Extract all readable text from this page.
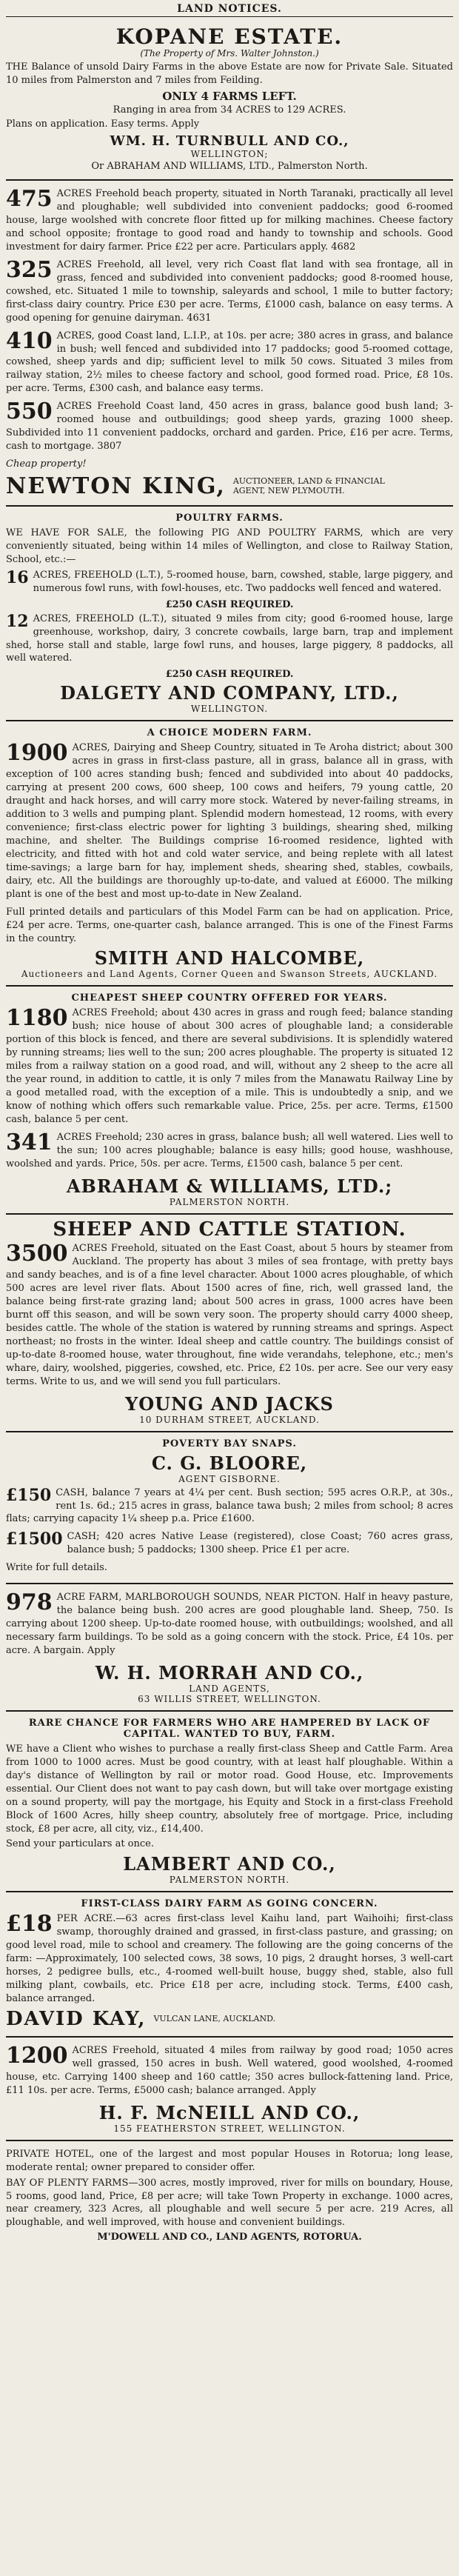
LAND NOTICES.
KOPANE ESTATE.
(The Property of Mrs. Walter Johnston.)
THE Balance of unsold Dairy Farms in the above Estate are now for Private Sale. Situated 10 miles from Palmerston and 7 miles from Feilding.
ONLY 4 FARMS LEFT.
Ranging in area from 34 ACRES to 129 ACRES.
Plans on application. Easy terms. Apply
WM. H. TURNBULL AND CO.,
WELLINGTON;
Or ABRAHAM AND WILLIAMS, LTD., Palmerston North.
475 ACRES Freehold beach property, situated in North Taranaki, practically all level and ploughable; well subdivided into convenient paddocks; good 6-roomed house, large woolshed with concrete floor fitted up for milking machines. Cheese factory and school opposite; frontage to good road and handy to township and schools. Good investment for dairy farmer. Price £22 per acre. Particulars apply. 4682
325 ACRES Freehold, all level, very rich Coast flat land with sea frontage, all in grass, fenced and subdivided into convenient paddocks; good 8-roomed house, cowshed, etc. Situated 1 mile to township, saleyards and school, 1 mile to butter factory; first-class dairy country. Price £30 per acre. Terms, £1000 cash, balance on easy terms. A good opening for genuine dairyman. 4631
410 ACRES, good Coast land, L.I.P., at 10s. per acre; 380 acres in grass, and balance in bush; well fenced and subdivided into 17 paddocks; good 5-roomed cottage, cowshed, sheep yards and dip; sufficient level to milk 50 cows. Situated 3 miles from railway station, 2½ miles to cheese factory and school, good formed road. Price, £8 10s. per acre. Terms, £300 cash, and balance easy terms.
550 ACRES Freehold Coast land, 450 acres in grass, balance good bush land; 3-roomed house and outbuildings; good sheep yards, grazing 1000 sheep. Subdivided into 11 convenient paddocks, orchard and garden. Price, £16 per acre. Terms, cash to mortgage. 3807
Cheap property!
NEWTON KING, AUCTIONEER, LAND & FINANCIAL
AGENT, NEW PLYMOUTH.
POULTRY FARMS.
WE HAVE FOR SALE, the following PIG AND POULTRY FARMS, which are very conveniently situated, being within 14 miles of Wellington, and close to Railway Station, School, etc.:—
16 ACRES, FREEHOLD (L.T.), 5-roomed house, barn, cowshed, stable, large piggery, and numerous fowl runs, with fowl-houses, etc. Two paddocks well fenced and watered.
£250 CASH REQUIRED.
12 ACRES, FREEHOLD (L.T.), situated 9 miles from city; good 6-roomed house, large greenhouse, workshop, dairy, 3 concrete cowbails, large barn, trap and implement shed, horse stall and stable, large fowl runs, and houses, large piggery, 8 paddocks, all well watered.
£250 CASH REQUIRED.
DALGETY AND COMPANY, LTD.,
WELLINGTON.
A CHOICE MODERN FARM.
1900 ACRES, Dairying and Sheep Country, situated in Te Aroha district; about 300 acres in grass in first-class pasture, all in grass, balance all in grass, with exception of 100 acres standing bush; fenced and subdivided into about 40 paddocks, carrying at present 200 cows, 600 sheep, 100 cows and heifers, 79 young cattle, 20 draught and hack horses, and will carry more stock. Watered by never-failing streams, in addition to 3 wells and pumping plant. Splendid modern homestead, 12 rooms, with every convenience; first-class electric power for lighting 3 buildings, shearing shed, milking machine, and shelter. The Buildings comprise 16-roomed residence, lighted with electricity, and fitted with hot and cold water service, and being replete with all latest time-savings; a large barn for hay, implement sheds, shearing shed, stables, cowbails, dairy, etc. All the buildings are thoroughly up-to-date, and valued at £6000. The milking plant is one of the best and most up-to-date in New Zealand.
Full printed details and particulars of this Model Farm can be had on application. Price, £24 per acre. Terms, one-quarter cash, balance arranged. This is one of the Finest Farms in the country.
SMITH AND HALCOMBE,
Auctioneers and Land Agents, Corner Queen and Swanson Streets, AUCKLAND.
CHEAPEST SHEEP COUNTRY OFFERED FOR YEARS.
1180 ACRES Freehold; about 430 acres in grass and rough feed; balance standing bush; nice house of about 300 acres of ploughable land; a considerable portion of this block is fenced, and there are several subdivisions. It is splendidly watered by running streams; lies well to the sun; 200 acres ploughable. The property is situated 12 miles from a railway station on a good road, and will, without any 2 sheep to the acre all the year round, in addition to cattle, it is only 7 miles from the Manawatu Railway Line by a good metalled road, with the exception of a mile. This is undoubtedly a snip, and we know of nothing which offers such remarkable value. Price, 25s. per acre. Terms, £1500 cash, balance 5 per cent.
341 ACRES Freehold; 230 acres in grass, balance bush; all well watered. Lies well to the sun; 100 acres ploughable; balance is easy hills; good house, washhouse, woolshed and yards. Price, 50s. per acre. Terms, £1500 cash, balance 5 per cent.
ABRAHAM & WILLIAMS, LTD.;
PALMERSTON NORTH.
SHEEP AND CATTLE STATION.
3500 ACRES Freehold, situated on the East Coast, about 5 hours by steamer from Auckland. The property has about 3 miles of sea frontage, with pretty bays and sandy beaches, and is of a fine level character. About 1000 acres ploughable, of which 500 acres are level river flats. About 1500 acres of fine, rich, well grassed land, the balance being first-rate grazing land; about 500 acres in grass, 1000 acres have been burnt off this season, and will be sown very soon. The property should carry 4000 sheep, besides cattle. The whole of the station is watered by running streams and springs. Aspect northeast; no frosts in the winter. Ideal sheep and cattle country. The buildings consist of up-to-date 8-roomed house, water throughout, fine wide verandahs, telephone, etc.; men's whare, dairy, woolshed, piggeries, cowshed, etc. Price, £2 10s. per acre. See our very easy terms. Write to us, and we will send you full particulars.
YOUNG AND JACKS
10 DURHAM STREET, AUCKLAND.
POVERTY BAY SNAPS.
C. G. BLOORE,
AGENT GISBORNE.
£150 CASH, balance 7 years at 4¼ per cent. Bush section; 595 acres O.R.P., at 30s., rent 1s. 6d.; 215 acres in grass, balance tawa bush; 2 miles from school; 8 acres flats; carrying capacity 1¼ sheep p.a. Price £1600.
£1500 CASH; 420 acres Native Lease (registered), close Coast; 760 acres grass, balance bush; 5 paddocks; 1300 sheep. Price £1 per acre.
Write for full details.
978 ACRE FARM, MARLBOROUGH SOUNDS, NEAR PICTON. Half in heavy pasture, the balance being bush. 200 acres are good ploughable land. Sheep, 750. Is carrying about 1200 sheep. Up-to-date roomed house, with outbuildings; woolshed, and all necessary farm buildings. To be sold as a going concern with the stock. Price, £4 10s. per acre. A bargain. Apply
W. H. MORRAH AND CO.,
LAND AGENTS,
63 WILLIS STREET, WELLINGTON.
RARE CHANCE FOR FARMERS WHO ARE HAMPERED BY LACK OF CAPITAL. WANTED TO BUY, FARM.
WE have a Client who wishes to purchase a really first-class Sheep and Cattle Farm. Area from 1000 to 1000 acres. Must be good country, with at least half ploughable. Within a day's distance of Wellington by rail or motor road. Good House, etc. Improvements essential. Our Client does not want to pay cash down, but will take over mortgage existing on a sound property, will pay the mortgage, his Equity and Stock in a first-class Freehold Block of 1600 Acres, hilly sheep country, absolutely free of mortgage. Price, including stock, £8 per acre, all city, viz., £14,400.
Send your particulars at once.
LAMBERT AND CO.,
PALMERSTON NORTH.
FIRST-CLASS DAIRY FARM AS GOING CONCERN.
£18 PER ACRE.—63 acres first-class level Kaihu land, part Waihoihi; first-class swamp, thoroughly drained and grassed, in first-class pasture, and grassing; on good level road, mile to school and creamery. The following are the going concerns of the farm: —Approximately, 100 selected cows, 38 sows, 10 pigs, 2 draught horses, 3 well-cart horses, 2 pedigree bulls, etc., 4-roomed well-built house, buggy shed, stable, also full milking plant, cowbails, etc. Price £18 per acre, including stock. Terms, £400 cash, balance arranged.
DAVID KAY, VULCAN LANE, AUCKLAND.
1200 ACRES Freehold, situated 4 miles from railway by good road; 1050 acres well grassed, 150 acres in bush. Well watered, good woolshed, 4-roomed house, etc. Carrying 1400 sheep and 160 cattle; 350 acres bullock-fattening land. Price, £11 10s. per acre. Terms, £5000 cash; balance arranged. Apply
H. F. McNEILL AND CO.,
155 FEATHERSTON STREET, WELLINGTON.
PRIVATE HOTEL, one of the largest and most popular Houses in Rotorua; long lease, moderate rental; owner prepared to consider offer.
BAY OF PLENTY FARMS—300 acres, mostly improved, river for mills on boundary, House, 5 rooms, good land, Price, £8 per acre; will take Town Property in exchange. 1000 acres, near creamery, 323 Acres, all ploughable and well secure 5 per acre. 219 Acres, all ploughable, and well improved, with house and convenient buildings.
M'DOWELL AND CO., LAND AGENTS, ROTORUA.
